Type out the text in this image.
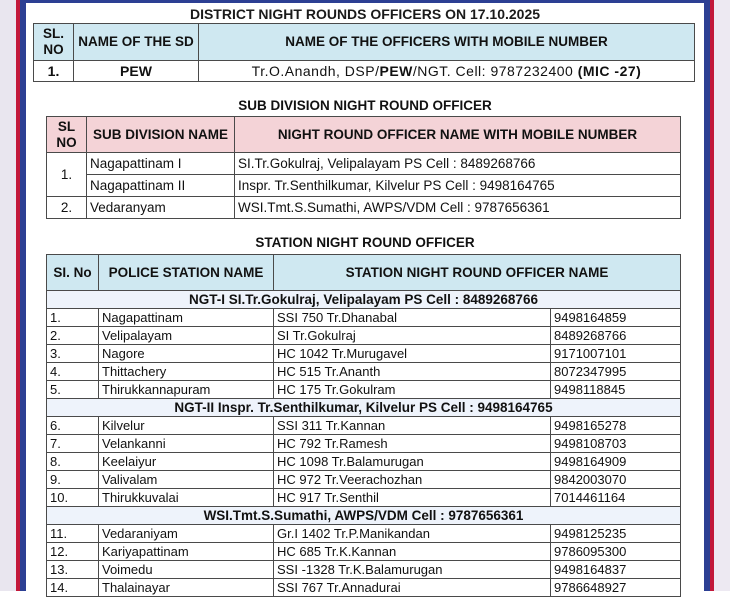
DISTRICT NIGHT ROUNDS OFFICERS ON 17.10.2025
SL. NO	NAME OF THE SD	NAME OF THE OFFICERS WITH MOBILE NUMBER
1.	PEW	Tr.O.Anandh, DSP/PEW/NGT. Cell: 9787232400 (MIC -27)
SUB DIVISION NIGHT ROUND OFFICER
SL NO	SUB DIVISION NAME	NIGHT ROUND OFFICER NAME WITH MOBILE NUMBER
1.	Nagapattinam I	SI.Tr.Gokulraj, Velipalayam PS Cell : 8489268766
	Nagapattinam II	Inspr. Tr.Senthilkumar, Kilvelur PS Cell : 9498164765
2.	Vedaranyam	WSI.Tmt.S.Sumathi, AWPS/VDM Cell : 9787656361
STATION NIGHT ROUND OFFICER
SI. No	POLICE STATION NAME	STATION NIGHT ROUND OFFICER NAME	
NGT-I SI.Tr.Gokulraj, Velipalayam PS Cell : 8489268766			
1.	Nagapattinam	SSI 750 Tr.Dhanabal	9498164859
2.	Velipalayam	SI Tr.Gokulraj	8489268766
3.	Nagore	HC 1042 Tr.Murugavel	9171007101
4.	Thittachery	HC 515 Tr.Ananth	8072347995
5.	Thirukkannapuram	HC 175 Tr.Gokulram	9498118845
NGT-II Inspr. Tr.Senthilkumar, Kilvelur PS Cell : 9498164765			
6.	Kilvelur	SSI 311 Tr.Kannan	9498165278
7.	Velankanni	HC 792 Tr.Ramesh	9498108703
8.	Keelaiyur	HC 1098 Tr.Balamurugan	9498164909
9.	Valivalam	HC 972 Tr.Veerachozhan	9842003070
10.	Thirukkuvalai	HC 917 Tr.Senthil	7014461164
WSI.Tmt.S.Sumathi, AWPS/VDM Cell : 9787656361			
11.	Vedaraniyam	Gr.I 1402 Tr.P.Manikandan	9498125235
12.	Kariyapattinam	HC 685 Tr.K.Kannan	9786095300
13.	Voimedu	SSI -1328 Tr.K.Balamurugan	9498164837
14.	Thalainayar	SSI 767 Tr.Annadurai	9786648927
